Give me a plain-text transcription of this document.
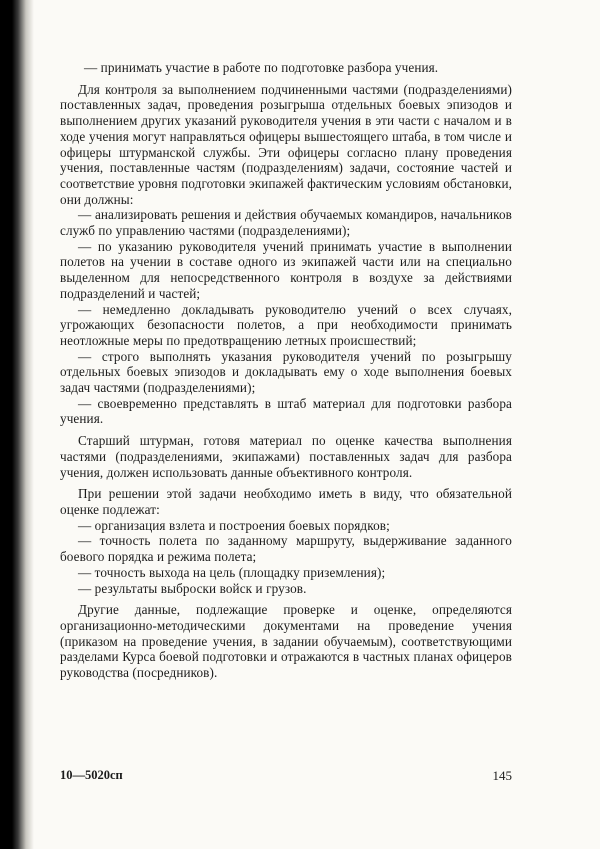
— принимать участие в работе по подготовке разбора учения.

Для контроля за выполнением подчиненными частями (подразделениями) поставленных задач, проведения розыгрыша отдельных боевых эпизодов и выполнением других указаний руководителя учения в эти части с началом и в ходе учения могут направляться офицеры вышестоящего штаба, в том числе и офицеры штурманской службы. Эти офицеры согласно плану проведения учения, поставленные частям (подразделениям) задачи, состояние частей и соответствие уровня подготовки экипажей фактическим условиям обстановки, они должны:

— анализировать решения и действия обучаемых командиров, начальников служб по управлению частями (подразделениями);

— по указанию руководителя учений принимать участие в выполнении полетов на учении в составе одного из экипажей части или на специально выделенном для непосредственного контроля в воздухе за действиями подразделений и частей;

— немедленно докладывать руководителю учений о всех случаях, угрожающих безопасности полетов, а при необходимости принимать неотложные меры по предотвращению летных происшествий;

— строго выполнять указания руководителя учений по розыгрышу отдельных боевых эпизодов и докладывать ему о ходе выполнения боевых задач частями (подразделениями);

— своевременно представлять в штаб материал для подготовки разбора учения.

Старший штурман, готовя материал по оценке качества выполнения частями (подразделениями, экипажами) поставленных задач для разбора учения, должен использовать данные объективного контроля.

При решении этой задачи необходимо иметь в виду, что обязательной оценке подлежат:

— организация взлета и построения боевых порядков;

— точность полета по заданному маршруту, выдерживание заданного боевого порядка и режима полета;

— точность выхода на цель (площадку приземления);

— результаты выброски войск и грузов.

Другие данные, подлежащие проверке и оценке, определяются организационно-методическими документами на проведение учения (приказом на проведение учения, в задании обучаемым), соответствующими разделами Курса боевой подготовки и отражаются в частных планах офицеров руководства (посредников).

10—5020сп	145
